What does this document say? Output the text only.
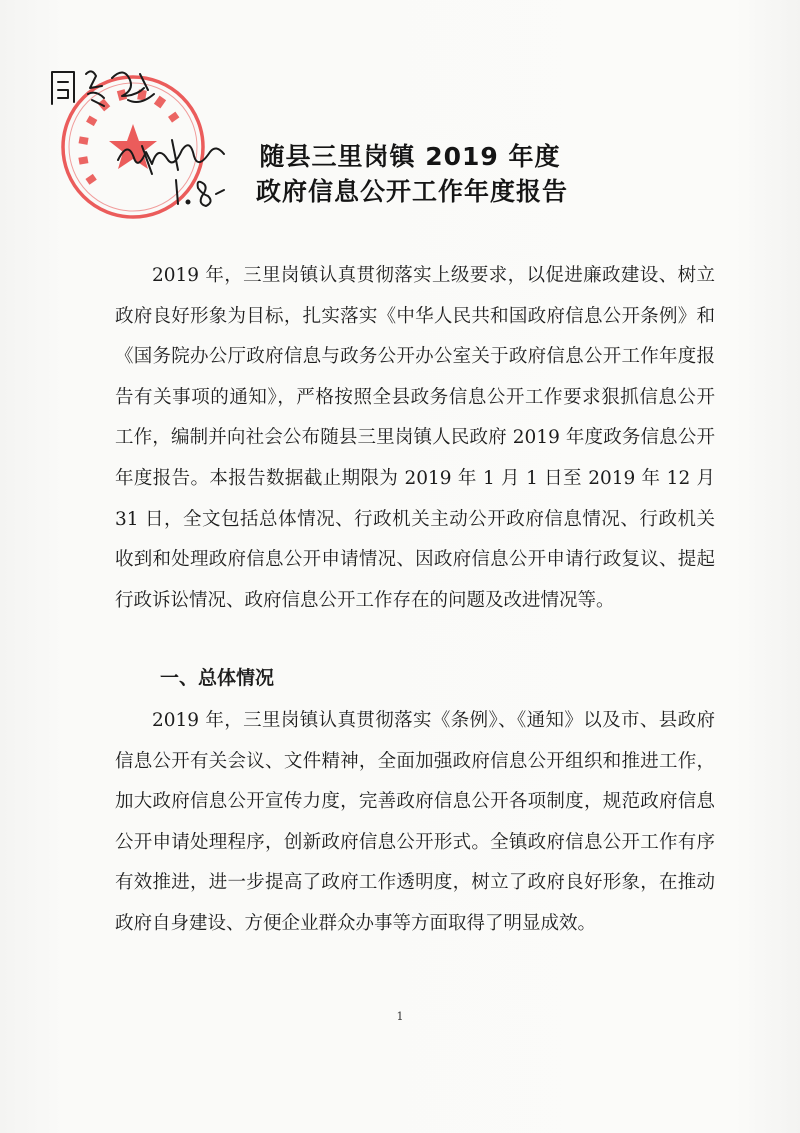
随县三里岗镇 2019 年度
政府信息公开工作年度报告
2019 年，三里岗镇认真贯彻落实上级要求，以促进廉政建设、树立政府良好形象为目标，扎实落实《中华人民共和国政府信息公开条例》和《国务院办公厅政府信息与政务公开办公室关于政府信息公开工作年度报告有关事项的通知》，严格按照全县政务信息公开工作要求狠抓信息公开工作，编制并向社会公布随县三里岗镇人民政府 2019 年度政务信息公开年度报告。本报告数据截止期限为 2019 年 1 月 1 日至 2019 年 12 月 31 日，全文包括总体情况、行政机关主动公开政府信息情况、行政机关收到和处理政府信息公开申请情况、因政府信息公开申请行政复议、提起行政诉讼情况、政府信息公开工作存在的问题及改进情况等。
一、总体情况
2019 年，三里岗镇认真贯彻落实《条例》、《通知》以及市、县政府信息公开有关会议、文件精神，全面加强政府信息公开组织和推进工作，加大政府信息公开宣传力度，完善政府信息公开各项制度，规范政府信息公开申请处理程序，创新政府信息公开形式。全镇政府信息公开工作有序有效推进，进一步提高了政府工作透明度，树立了政府良好形象，在推动政府自身建设、方便企业群众办事等方面取得了明显成效。
1
